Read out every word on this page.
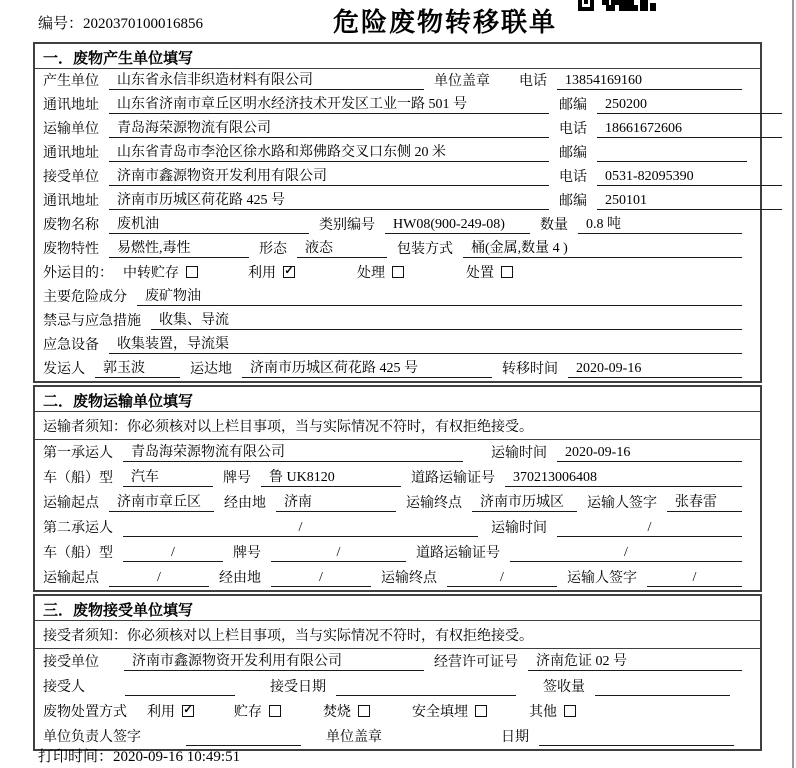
编号：2020370100016856	危险废物转移联单
一．废物产生单位填写
产生单位	山东省永信非织造材料有限公司	单位盖章 电话	13854169160
通讯地址	山东省济南市章丘区明水经济技术开发区工业一路 501 号	邮编	250200
运输单位	青岛海荣源物流有限公司	电话	18661672606
通讯地址	山东省青岛市李沧区徐水路和郑佛路交叉口东侧 20 米	邮编
接受单位	济南市鑫源物资开发利用有限公司	电话	0531-82095390
通讯地址	济南市历城区荷花路 425 号	邮编	250101
废物名称	废机油	类别编号	HW08(900-249-08)	数量	0.8 吨
废物特性	易燃性,毒性	形态	液态	包装方式	桶(金属,数量 4 )
外运目的： 中转贮存	利用 ✓	处理	处置
主要危险成分	废矿物油
禁忌与应急措施	收集、导流
应急设备	收集装置，导流渠
发运人	郭玉波	运达地	济南市历城区荷花路 425 号	转移时间	2020-09-16
二．废物运输单位填写
运输者须知：你必须核对以上栏目事项，当与实际情况不符时，有权拒绝接受。
第一承运人	青岛海荣源物流有限公司	运输时间	2020-09-16
车（船）型	汽车	牌号	鲁 UK8120	道路运输证号	370213006408
运输起点	济南市章丘区	经由地	济南	运输终点	济南市历城区	运输人签字	张春雷
第二承运人	/	运输时间	/
车（船）型	/	牌号	/	道路运输证号	/
运输起点	/	经由地	/	运输终点	/	运输人签字	/
三．废物接受单位填写
接受者须知：你必须核对以上栏目事项，当与实际情况不符时，有权拒绝接受。
接受单位	济南市鑫源物资开发利用有限公司	经营许可证号	济南危证 02 号
接受人	接受日期	签收量
废物处置方式 利用 ✓	贮存	焚烧	安全填埋	其他
单位负责人签字	单位盖章	日期
打印时间：2020-09-16 10:49:51
